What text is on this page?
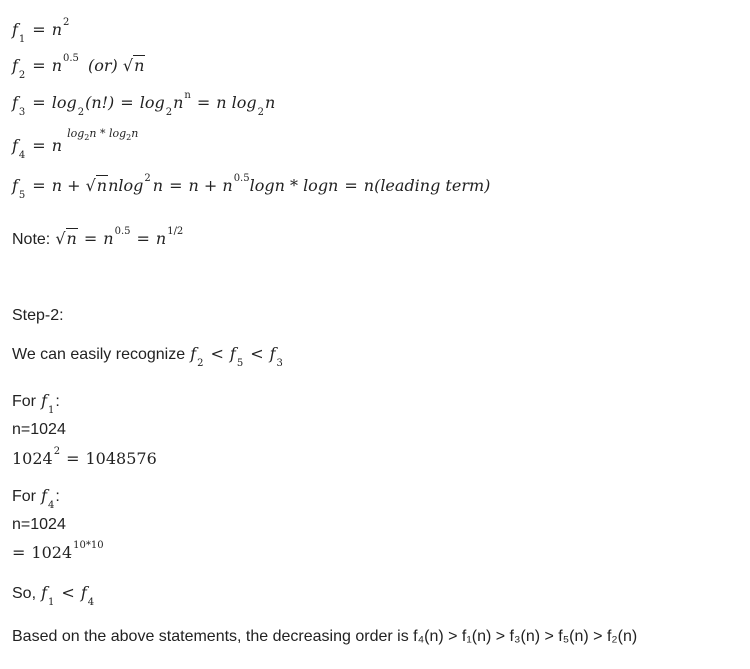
$f_1= n^2$
$f_2= n^{0.5}$ (or) √n
$f_3= \log_2(n!) = \log_2n^n = n$ $\log_2n$
$f_4= n$ $^{log_2n * log_2n}$
$f_5= n + √nnlog^2$ $n = n + n^{0.5}\log n * \log n$ = n(leading term)
Note: $√n = n^{0.5} = n^{1/2}$
Step-2:
We can easily recognize $f_2< f_5< f_3$
For $f_1$:
n=1024
$1024^2 = 1048576$
For $f_4$:
n=1024
= $1024^{10*10}$
So, $f_1< f_4$
Based on the above statements, the decreasing order is f₄(n) > f₁(n) > f₃(n) > f₅(n) > f₂(n)
